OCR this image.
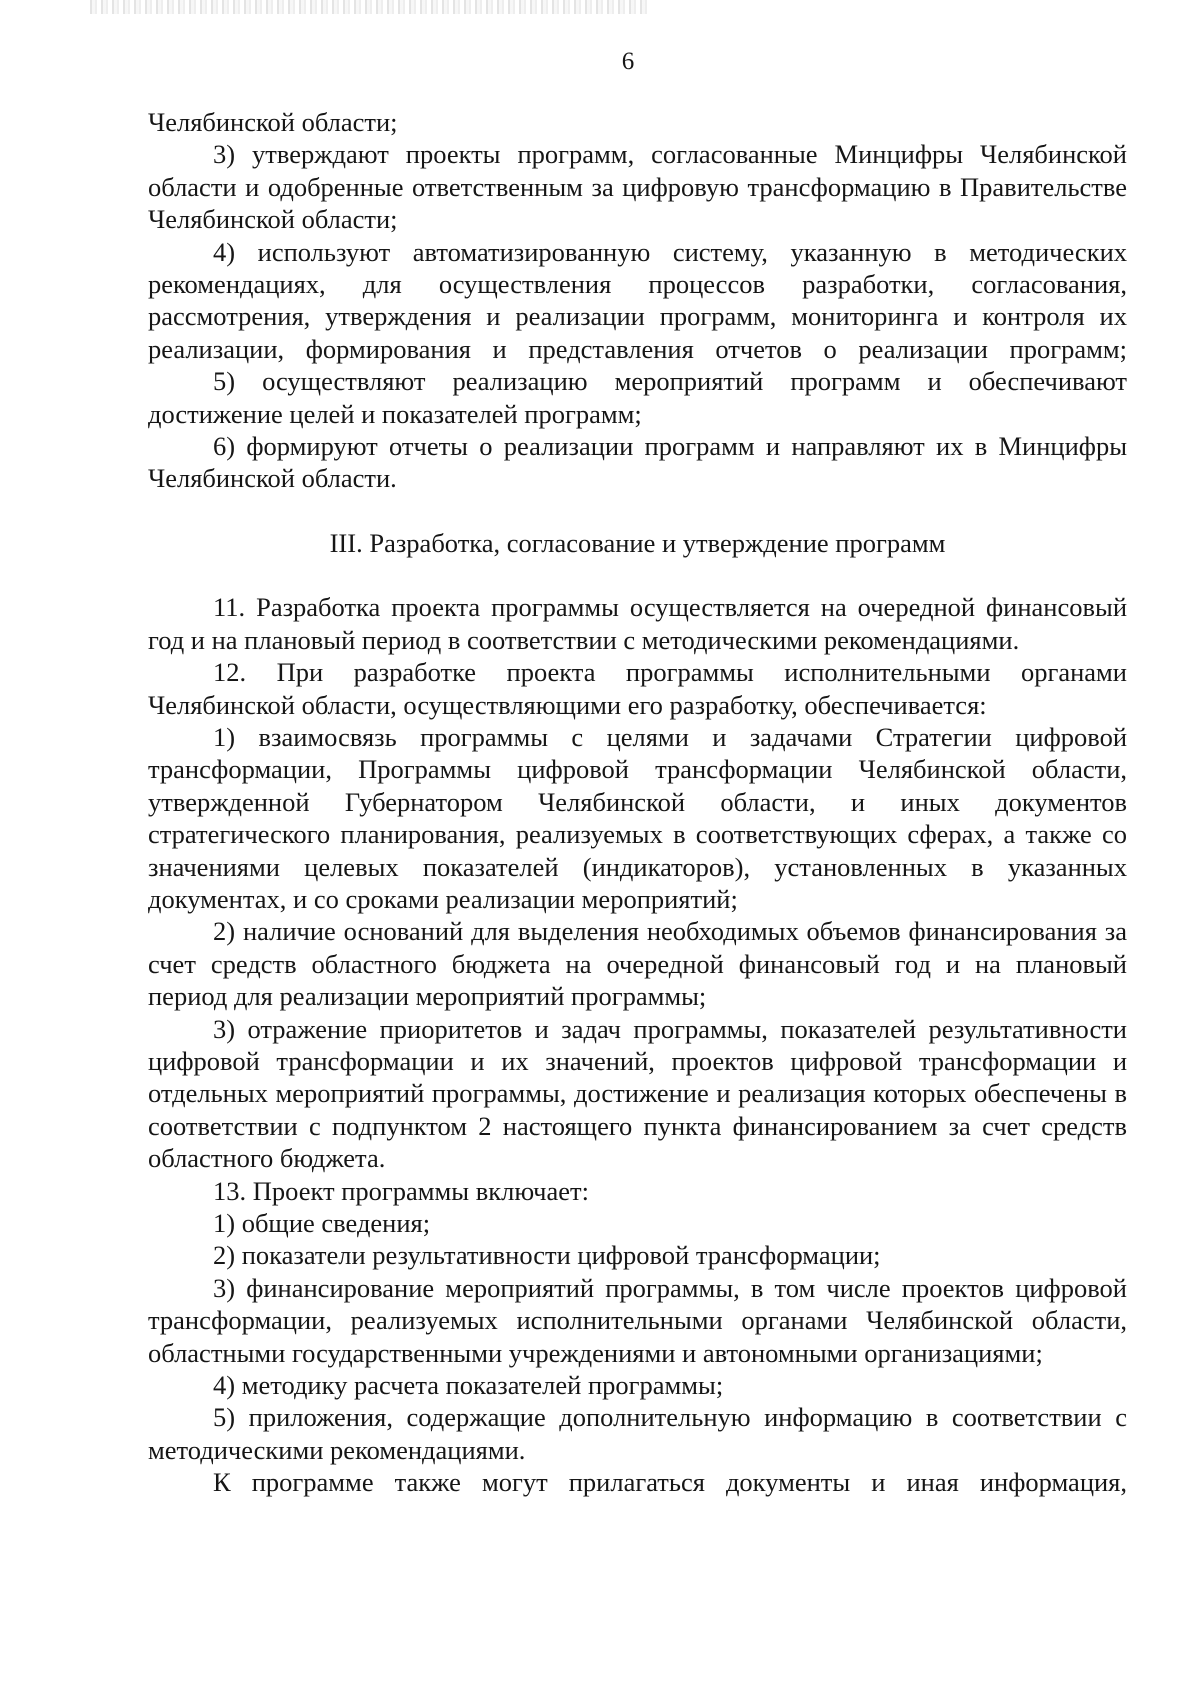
6

Челябинской области;

3) утверждают проекты программ, согласованные Минцифры Челябинской области и одобренные ответственным за цифровую трансформацию в Правительстве Челябинской области;

4) используют автоматизированную систему, указанную в методических рекомендациях, для осуществления процессов разработки, согласования, рассмотрения, утверждения и реализации программ, мониторинга и контроля их реализации, формирования и представления отчетов о реализации программ;

5) осуществляют реализацию мероприятий программ и обеспечивают достижение целей и показателей программ;

6) формируют отчеты о реализации программ и направляют их в Минцифры Челябинской области.

III. Разработка, согласование и утверждение программ

11. Разработка проекта программы осуществляется на очередной финансовый год и на плановый период в соответствии с методическими рекомендациями.

12. При разработке проекта программы исполнительными органами Челябинской области, осуществляющими его разработку, обеспечивается:

1) взаимосвязь программы с целями и задачами Стратегии цифровой трансформации, Программы цифровой трансформации Челябинской области, утвержденной Губернатором Челябинской области, и иных документов стратегического планирования, реализуемых в соответствующих сферах, а также со значениями целевых показателей (индикаторов), установленных в указанных документах, и со сроками реализации мероприятий;

2) наличие оснований для выделения необходимых объемов финансирования за счет средств областного бюджета на очередной финансовый год и на плановый период для реализации мероприятий программы;

3) отражение приоритетов и задач программы, показателей результативности цифровой трансформации и их значений, проектов цифровой трансформации и отдельных мероприятий программы, достижение и реализация которых обеспечены в соответствии с подпунктом 2 настоящего пункта финансированием за счет средств областного бюджета.

13. Проект программы включает:

1) общие сведения;

2) показатели результативности цифровой трансформации;

3) финансирование мероприятий программы, в том числе проектов цифровой трансформации, реализуемых исполнительными органами Челябинской области, областными государственными учреждениями и автономными организациями;

4) методику расчета показателей программы;

5) приложения, содержащие дополнительную информацию в соответствии с методическими рекомендациями.

К программе также могут прилагаться документы и иная информация,
